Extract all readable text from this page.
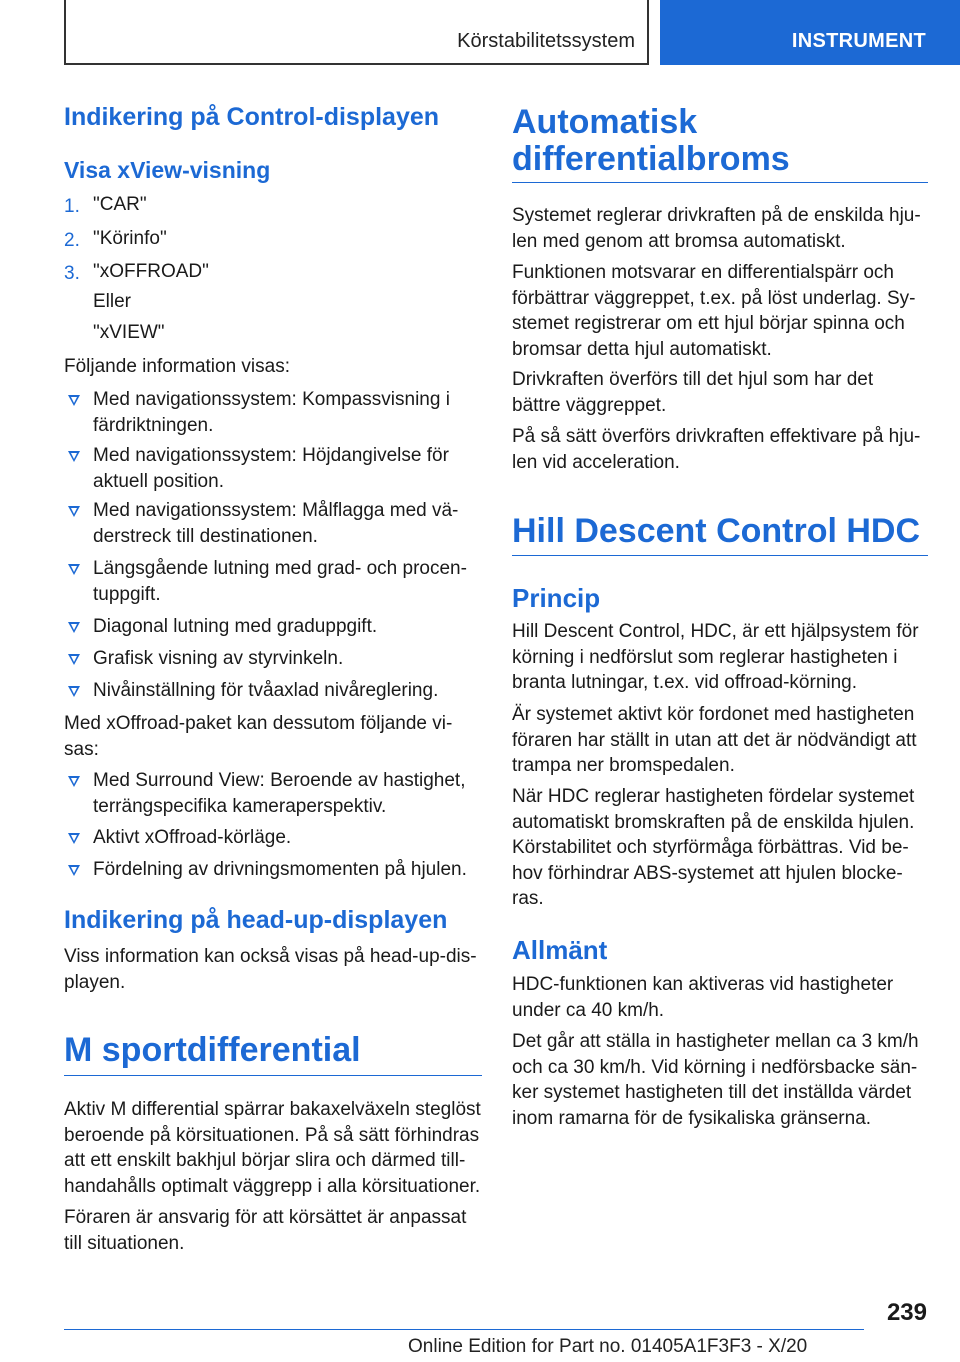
Körstabilitetssystem	INSTRUMENT
Indikering på Control-displayen
Visa xView-visning
1. "CAR"
2. "Körinfo"
3. "xOFFROAD"
Eller
"xVIEW"
Följande information visas:
Med navigationssystem: Kompassvisning i
färdriktningen.
Med navigationssystem: Höjdangivelse för
aktuell position.
Med navigationssystem: Målflagga med vä-
derstreck till destinationen.
Längsgående lutning med grad- och procen-
tuppgift.
Diagonal lutning med graduppgift.
Grafisk visning av styrvinkeln.
Nivåinställning för tvåaxlad nivåreglering.
Med xOffroad-paket kan dessutom följande vi-
sas:
Med Surround View: Beroende av hastighet,
terrängspecifika kameraperspektiv.
Aktivt xOffroad-körläge.
Fördelning av drivningsmomenten på hjulen.
Indikering på head-up-displayen
Viss information kan också visas på head-up-dis-
playen.
M sportdifferential
Aktiv M differential spärrar bakaxelväxeln steglöst
beroende på körsituationen. På så sätt förhindras
att ett enskilt bakhjul börjar slira och därmed till-
handahålls optimalt väggrepp i alla körsituationer.
Föraren är ansvarig för att körsättet är anpassat
till situationen.
Automatisk
differentialbroms
Systemet reglerar drivkraften på de enskilda hju-
len med genom att bromsa automatiskt.
Funktionen motsvarar en differentialspärr och
förbättrar väggreppet, t.ex. på löst underlag. Sy-
stemet registrerar om ett hjul börjar spinna och
bromsar detta hjul automatiskt.
Drivkraften överförs till det hjul som har det
bättre väggreppet.
På så sätt överförs drivkraften effektivare på hju-
len vid acceleration.
Hill Descent Control HDC
Princip
Hill Descent Control, HDC, är ett hjälpsystem för
körning i nedförslut som reglerar hastigheten i
branta lutningar, t.ex. vid offroad-körning.
Är systemet aktivt kör fordonet med hastigheten
föraren har ställt in utan att det är nödvändigt att
trampa ner bromspedalen.
När HDC reglerar hastigheten fördelar systemet
automatiskt bromskraften på de enskilda hjulen.
Körstabilitet och styrförmåga förbättras. Vid be-
hov förhindrar ABS-systemet att hjulen blocke-
ras.
Allmänt
HDC-funktionen kan aktiveras vid hastigheter
under ca 40 km/h.
Det går att ställa in hastigheter mellan ca 3 km/h
och ca 30 km/h. Vid körning i nedförsbacke sän-
ker systemet hastigheten till det inställda värdet
inom ramarna för de fysikaliska gränserna.
239
Online Edition for Part no. 01405A1F3F3 - X/20
